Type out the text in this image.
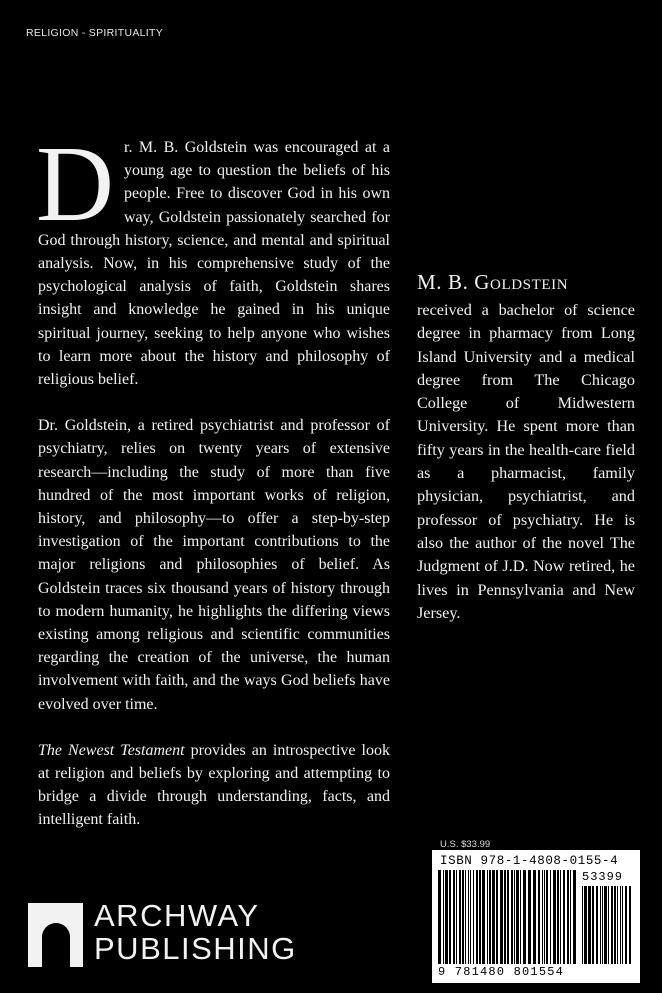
RELIGION - SPIRITUALITY

Dr. M. B. Goldstein was encouraged at a young age to question the beliefs of his people. Free to discover God in his own way, Goldstein passionately searched for God through history, science, and mental and spiritual analysis. Now, in his comprehensive study of the psychological analysis of faith, Goldstein shares insight and knowledge he gained in his unique spiritual journey, seeking to help anyone who wishes to learn more about the history and philosophy of religious belief.

Dr. Goldstein, a retired psychiatrist and professor of psychiatry, relies on twenty years of extensive research—including the study of more than five hundred of the most important works of religion, history, and philosophy—to offer a step-by-step investigation of the important contributions to the major religions and philosophies of belief. As Goldstein traces six thousand years of history through to modern humanity, he highlights the differing views existing among religious and scientific communities regarding the creation of the universe, the human involvement with faith, and the ways God beliefs have evolved over time.

The Newest Testament provides an introspective look at religion and beliefs by exploring and attempting to bridge a divide through understanding, facts, and intelligent faith.

M. B. Goldstein
received a bachelor of science degree in pharmacy from Long Island University and a medical degree from The Chicago College of Midwestern University. He spent more than fifty years in the health-care field as a pharmacist, family physician, psychiatrist, and professor of psychiatry. He is also the author of the novel The Judgment of J.D. Now retired, he lives in Pennsylvania and New Jersey.
U.S. $33.99
ISBN 978-1-4808-0155-4
53399
9 781480 801554
ARCHWAY
PUBLISHING
